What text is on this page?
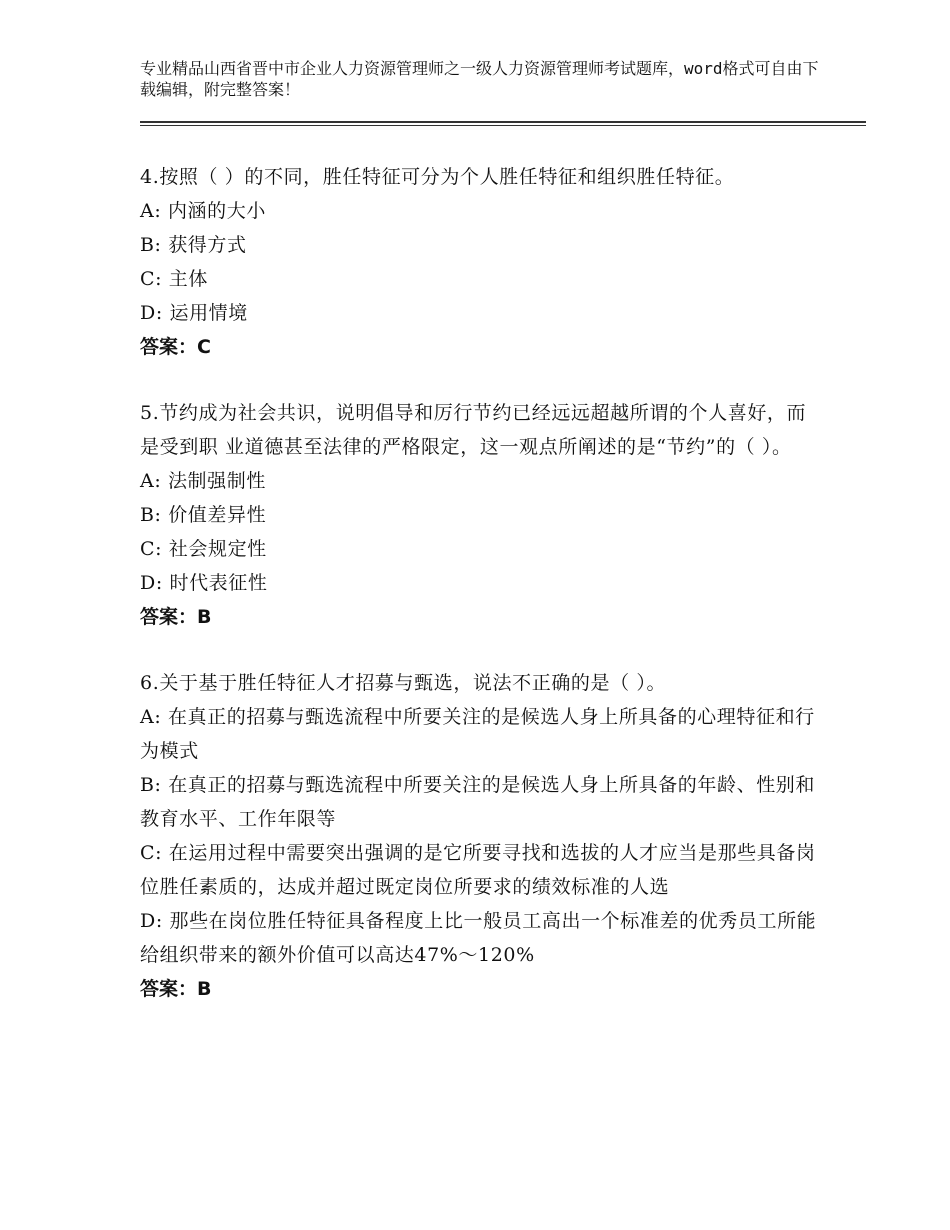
专业精品山西省晋中市企业人力资源管理师之一级人力资源管理师考试题库，word格式可自由下载编辑，附完整答案！
4.按照（ ）的不同，胜任特征可分为个人胜任特征和组织胜任特征。
A: 内涵的大小
B: 获得方式
C: 主体
D: 运用情境
答案：C
5.节约成为社会共识，说明倡导和厉行节约已经远远超越所谓的个人喜好，而是受到职 业道德甚至法律的严格限定，这一观点所阐述的是“节约”的（ ）。
A: 法制强制性
B: 价值差异性
C: 社会规定性
D: 时代表征性
答案：B
6.关于基于胜任特征人才招募与甄选，说法不正确的是（ ）。
A: 在真正的招募与甄选流程中所要关注的是候选人身上所具备的心理特征和行为模式
B: 在真正的招募与甄选流程中所要关注的是候选人身上所具备的年龄、性别和教育水平、工作年限等
C: 在运用过程中需要突出强调的是它所要寻找和选拔的人才应当是那些具备岗位胜任素质的，达成并超过既定岗位所要求的绩效标准的人选
D: 那些在岗位胜任特征具备程度上比一般员工高出一个标准差的优秀员工所能给组织带来的额外价值可以高达47%～120%
答案：B
